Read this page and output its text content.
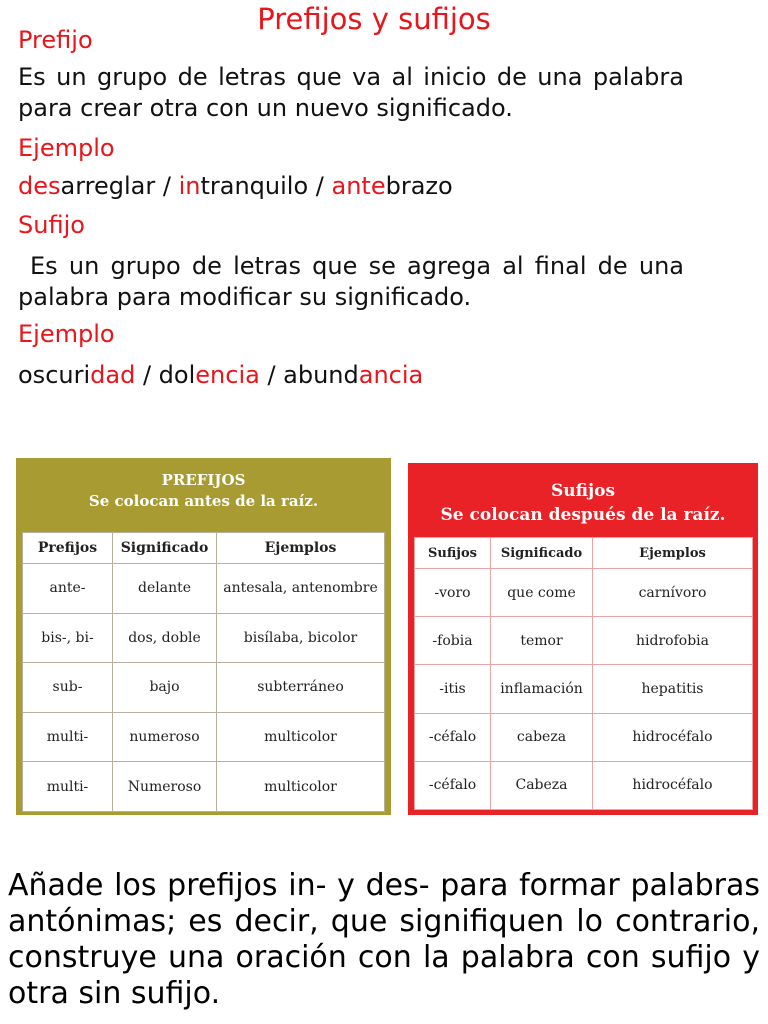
Prefijos y sufijos
Prefijo
Es un grupo de letras que va al inicio de una palabra para crear otra con un nuevo significado.
Ejemplo
desarreglar / intranquilo / antebrazo
Sufijo
Es un grupo de letras que se agrega al final de una palabra para modificar su significado.
Ejemplo
oscuridad / dolencia / abundancia
PREFIJOS
Se colocan antes de la raíz.
Prefijos	Significado	Ejemplos
ante-	delante	antesala, antenombre
bis-, bi-	dos, doble	bisílaba, bicolor
sub-	bajo	subterráneo
multi-	numeroso	multicolor
multi-	Numeroso	multicolor
Sufijos
Se colocan después de la raíz.
Sufijos	Significado	Ejemplos
-voro	que come	carnívoro
-fobia	temor	hidrofobia
-itis	inflamación	hepatitis
-céfalo	cabeza	hidrocéfalo
-céfalo	Cabeza	hidrocéfalo
Añade los prefijos in- y des- para formar palabras antónimas; es decir, que signifiquen lo contrario, construye una oración con la palabra con sufijo y otra sin sufijo.
